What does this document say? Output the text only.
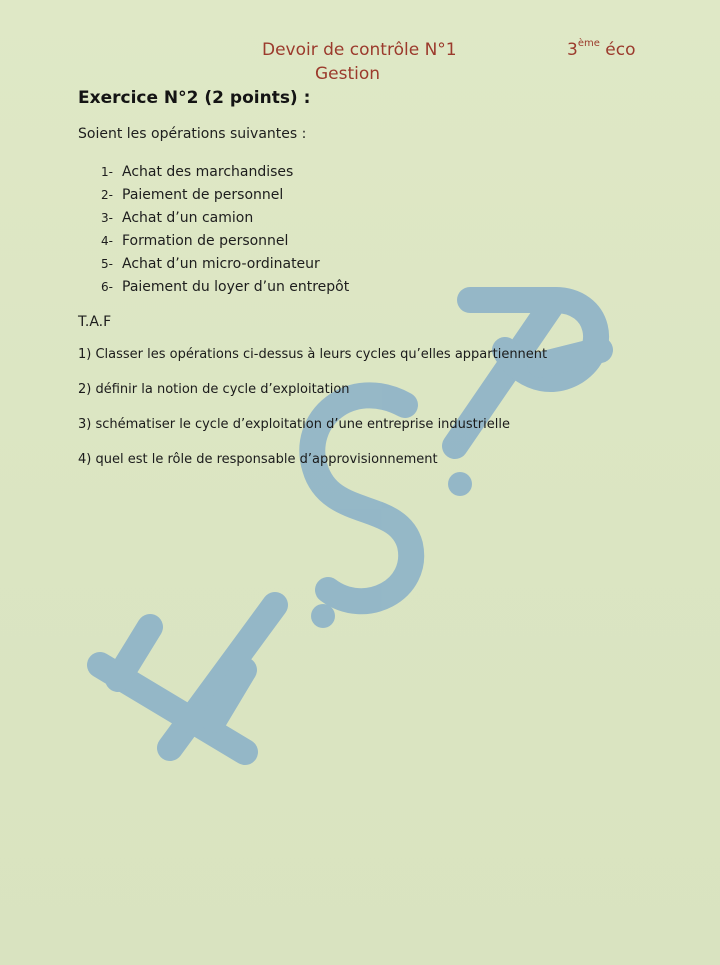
Devoir de contrôle N°1
Gestion
3ème éco
Exercice N°2 (2 points) :
Soient les opérations suivantes :
1- Achat des marchandises
2- Paiement de personnel
3- Achat d’un camion
4- Formation de personnel
5- Achat d’un micro-ordinateur
6- Paiement du loyer d’un entrepôt
T.A.F
1) Classer les opérations ci-dessus à leurs cycles qu’elles appartiennent
2) définir la notion de cycle d’exploitation
3) schématiser le cycle d’exploitation d’une entreprise industrielle
4) quel est le rôle de responsable d’approvisionnement
